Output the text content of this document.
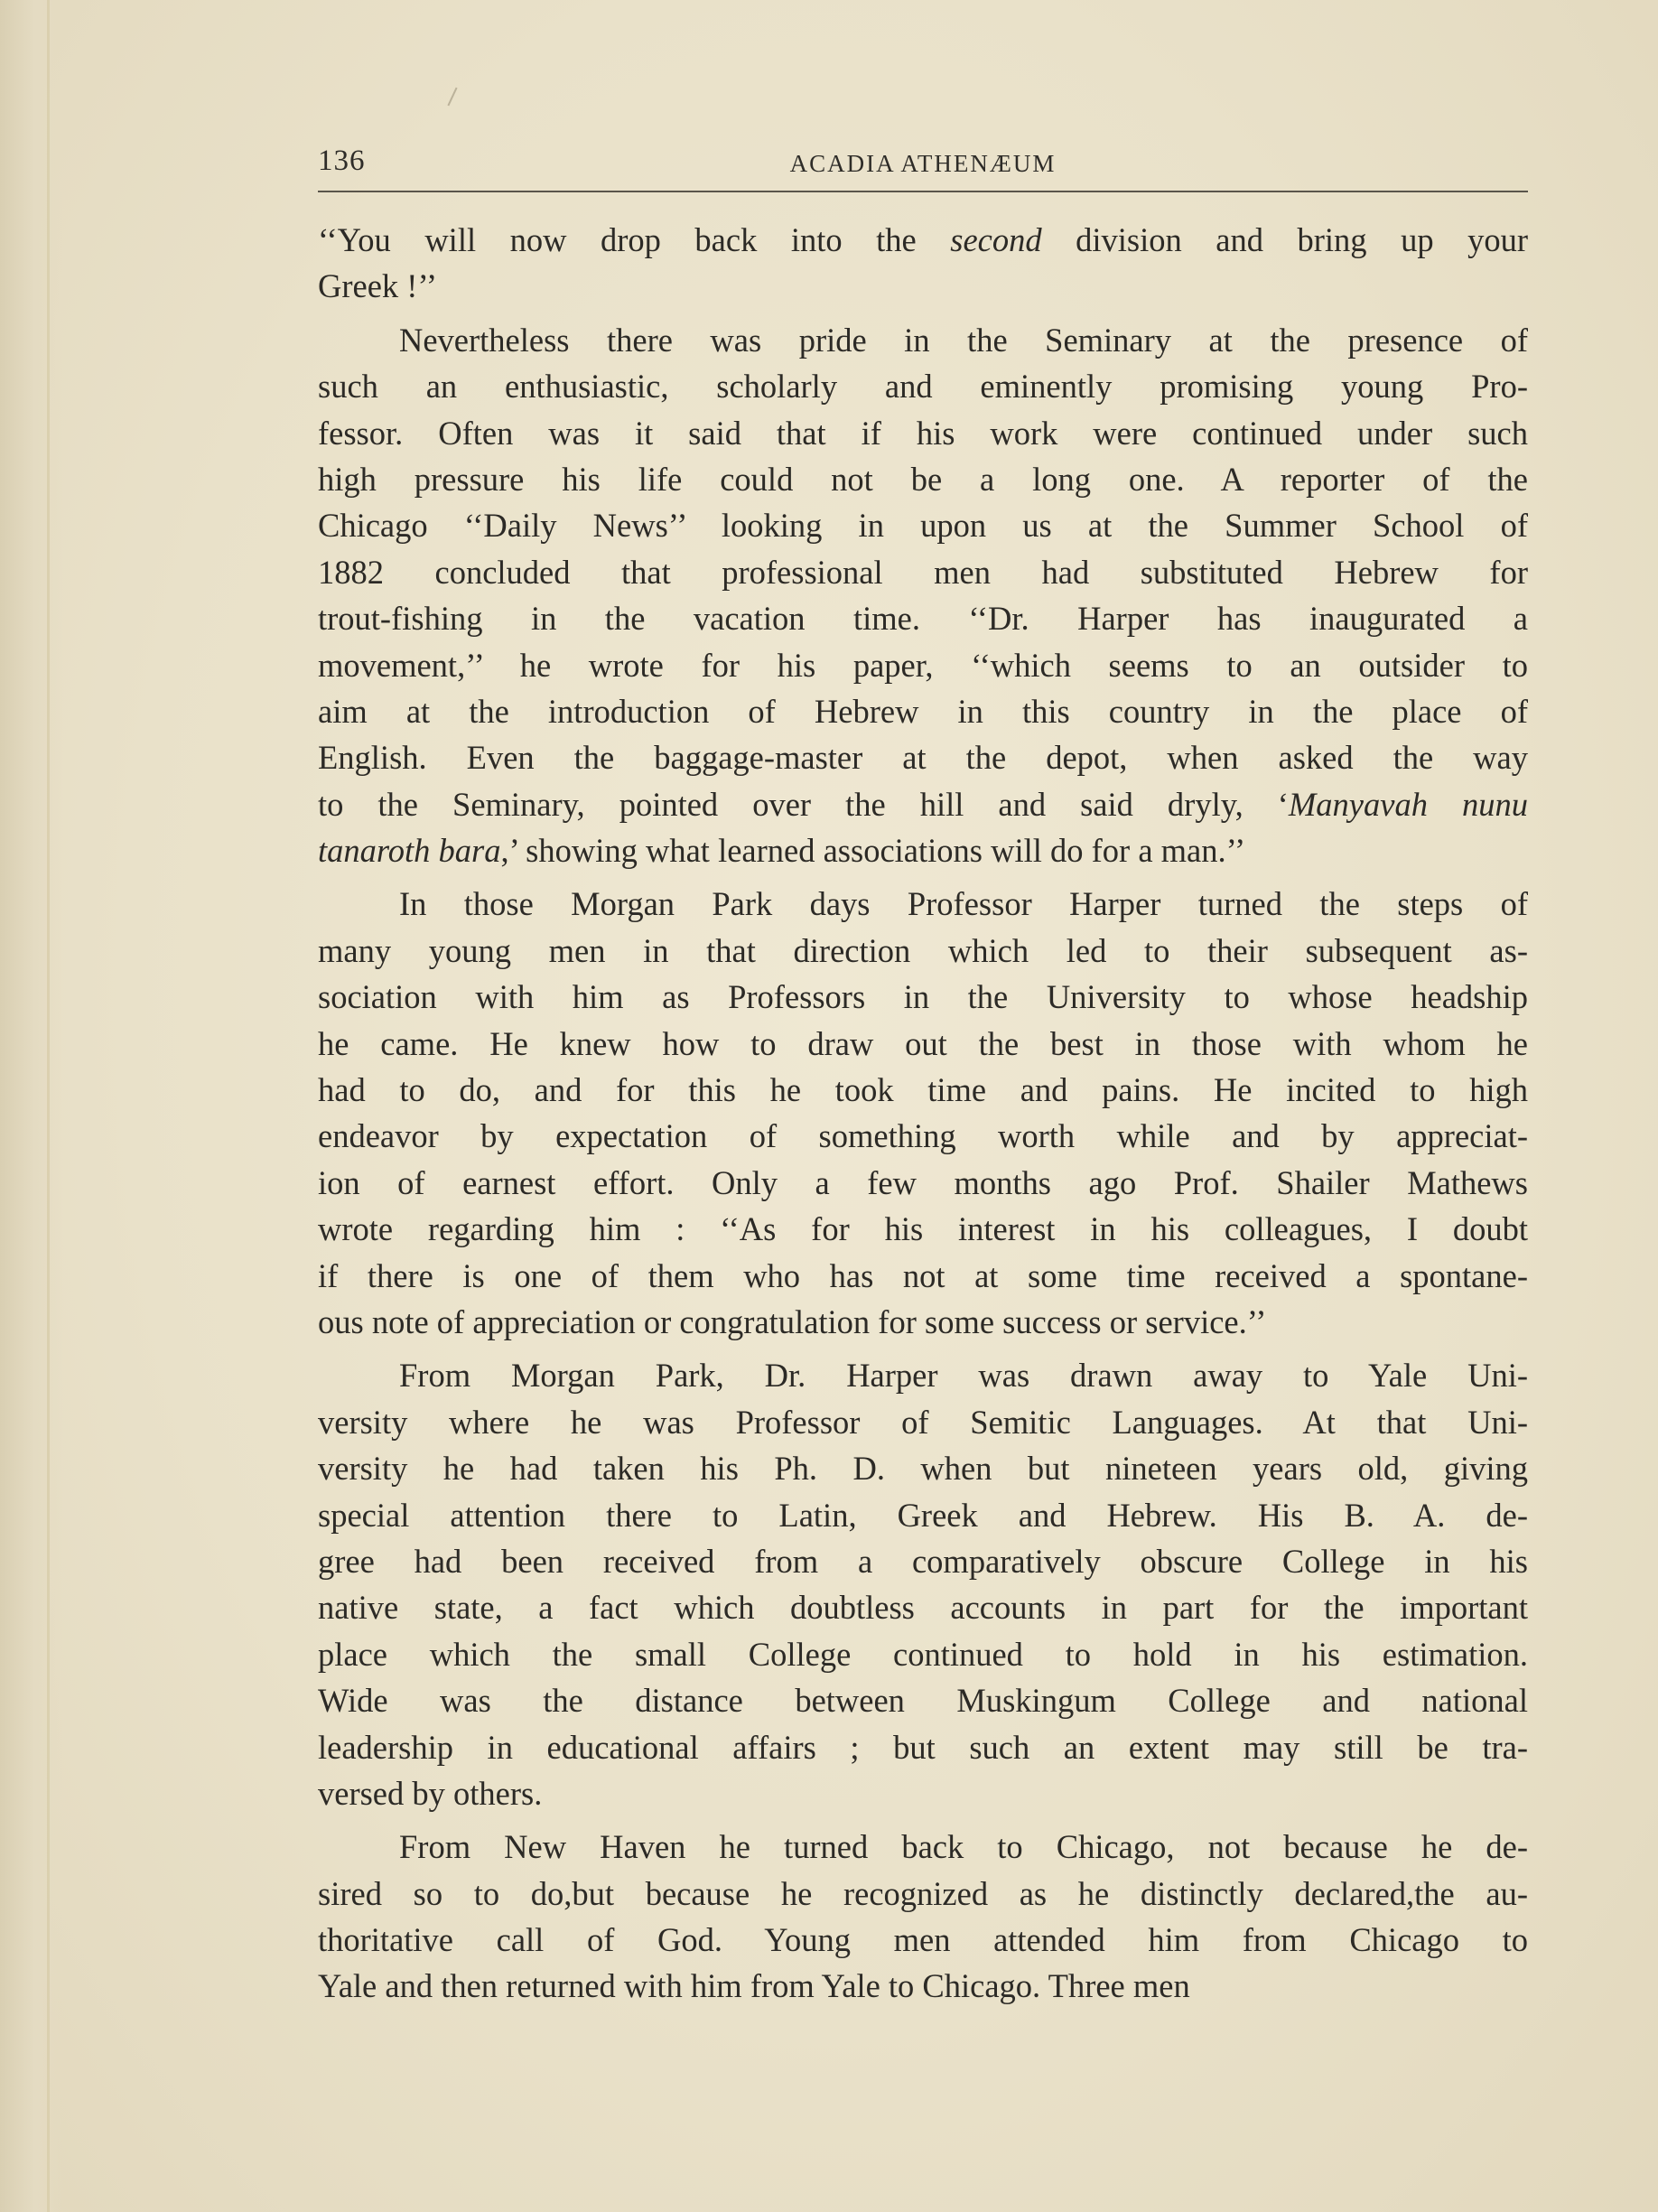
136	ACADIA ATHENÆUM
‘‘You will now drop back into the second division and bring up your
Greek !’’
Nevertheless there was pride in the Seminary at the presence of
such an enthusiastic, scholarly and eminently promising young Pro-
fessor. Often was it said that if his work were continued under such
high pressure his life could not be a long one. A reporter of the
Chicago ‘‘Daily News’’ looking in upon us at the Summer School of
1882 concluded that professional men had substituted Hebrew for
trout-fishing in the vacation time. ‘‘Dr. Harper has inaugurated a
movement,’’ he wrote for his paper, ‘‘which seems to an outsider to
aim at the introduction of Hebrew in this country in the place of
English. Even the baggage-master at the depot, when asked the way
to the Seminary, pointed over the hill and said dryly, ‘Manyavah nunu
tanaroth bara,’ showing what learned associations will do for a man.’’
In those Morgan Park days Professor Harper turned the steps of
many young men in that direction which led to their subsequent as-
sociation with him as Professors in the University to whose headship
he came. He knew how to draw out the best in those with whom he
had to do, and for this he took time and pains. He incited to high
endeavor by expectation of something worth while and by appreciat-
ion of earnest effort. Only a few months ago Prof. Shailer Mathews
wrote regarding him : ‘‘As for his interest in his colleagues, I doubt
if there is one of them who has not at some time received a spontane-
ous note of appreciation or congratulation for some success or service.’’
From Morgan Park, Dr. Harper was drawn away to Yale Uni-
versity where he was Professor of Semitic Languages. At that Uni-
versity he had taken his Ph. D. when but nineteen years old, giving
special attention there to Latin, Greek and Hebrew. His B. A. de-
gree had been received from a comparatively obscure College in his
native state, a fact which doubtless accounts in part for the important
place which the small College continued to hold in his estimation.
Wide was the distance between Muskingum College and national
leadership in educational affairs ; but such an extent may still be tra-
versed by others.
From New Haven he turned back to Chicago, not because he de-
sired so to do,but because he recognized as he distinctly declared,the au-
thoritative call of God. Young men attended him from Chicago to
Yale and then returned with him from Yale to Chicago. Three men
